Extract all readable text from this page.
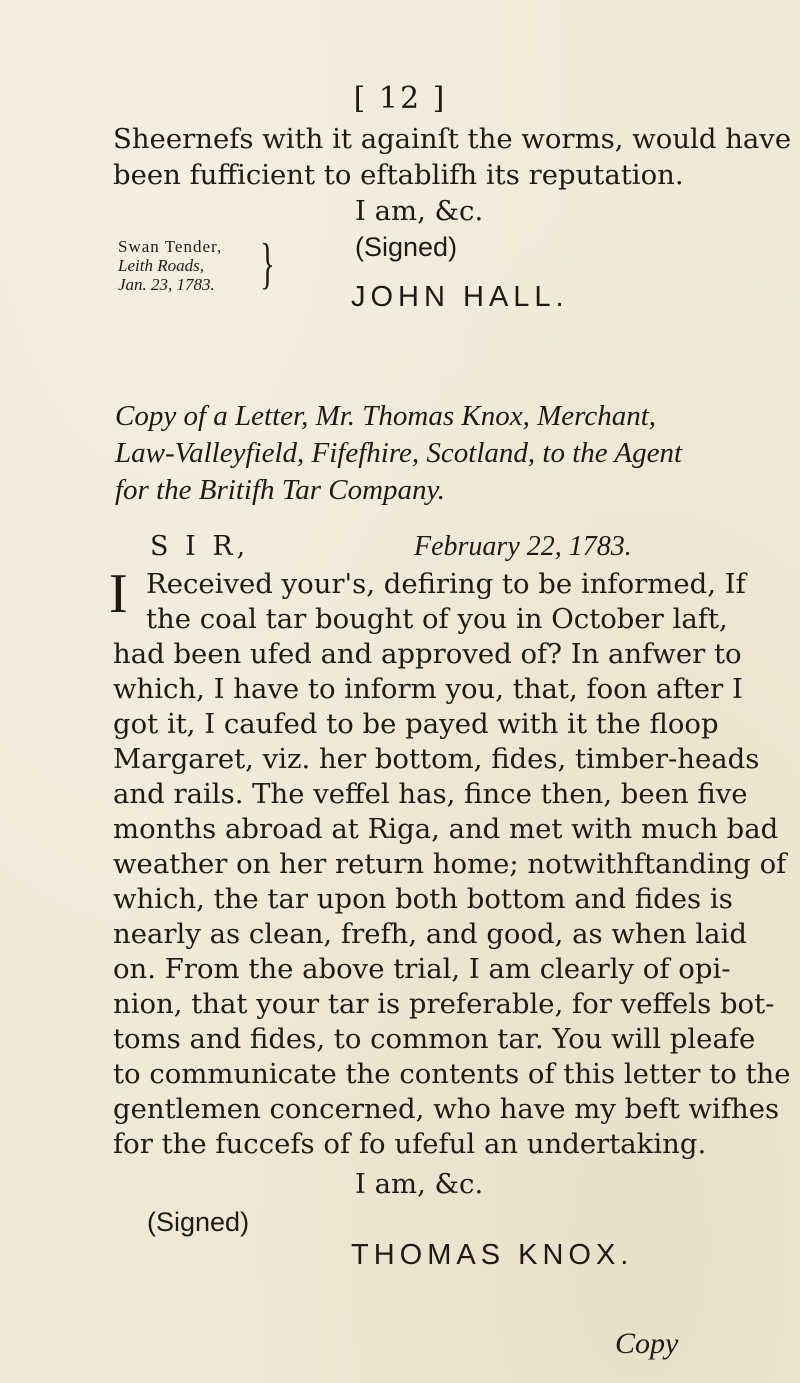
[ 12 ]
Sheernefs with it againſt the worms, would have
been fufficient to eftablifh its reputation.
I am, &c.
Swan Tender,
Leith Roads,
Jan. 23, 1783. }	(Signed)
JOHN HALL.
Copy of a Letter, Mr. Thomas Knox, Merchant,
Law-Valleyfield, Fifefhire, Scotland, to the Agent
for the Britifh Tar Company.
S I R,	February 22, 1783.
I Received your's, defiring to be informed, If
the coal tar bought of you in October laft,
had been ufed and approved of? In anfwer to
which, I have to inform you, that, foon after I
got it, I caufed to be payed with it the floop
Margaret, viz. her bottom, fides, timber-heads
and rails. The veffel has, fince then, been five
months abroad at Riga, and met with much bad
weather on her return home; notwithftanding of
which, the tar upon both bottom and fides is
nearly as clean, frefh, and good, as when laid
on. From the above trial, I am clearly of opi-
nion, that your tar is preferable, for veffels bot-
toms and fides, to common tar. You will pleafe
to communicate the contents of this letter to the
gentlemen concerned, who have my beft wifhes
for the fuccefs of fo ufeful an undertaking.
I am, &c.
(Signed)
THOMAS KNOX.
Copy
